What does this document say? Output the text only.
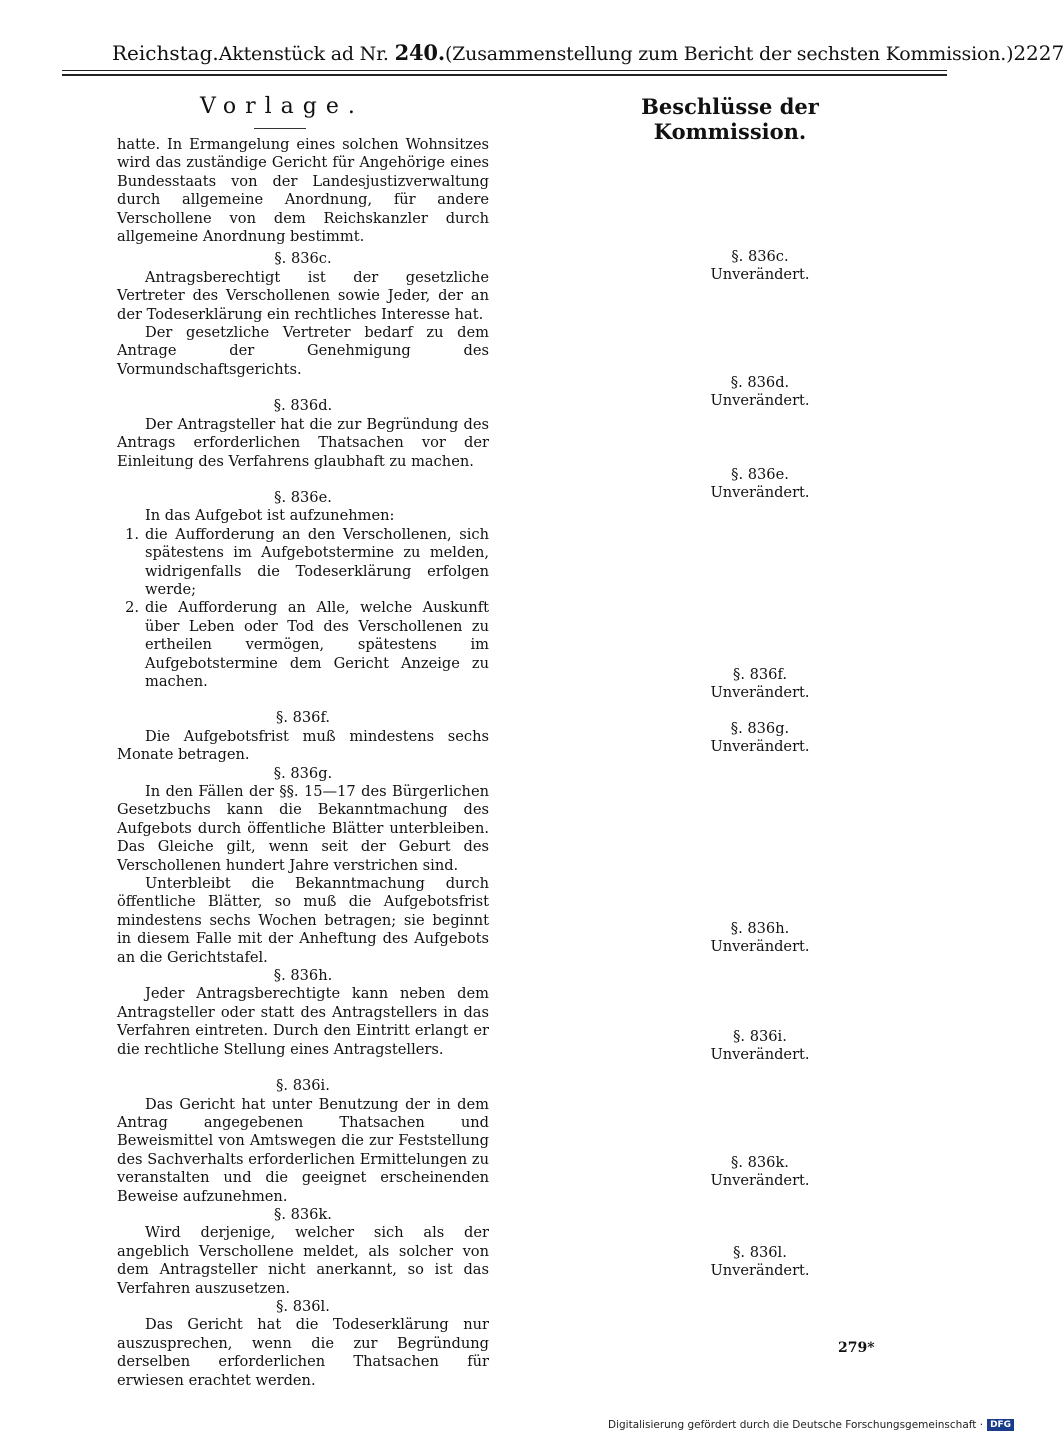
Reichstag. Aktenstück ad Nr. 240. (Zusammenstellung zum Bericht der sechsten Kommission.) 2227
Vorlage.	Beschlüsse der Kommission.

hatte. In Ermangelung eines solchen Wohnsitzes wird das zuständige Gericht für Angehörige eines Bundesstaats von der Landesjustizverwaltung durch allgemeine Anordnung, für andere Verschollene von dem Reichskanzler durch allgemeine Anordnung bestimmt.

§. 836c.

Antragsberechtigt ist der gesetzliche Vertreter des Verschollenen sowie Jeder, der an der Todeserklärung ein rechtliches Interesse hat.

Der gesetzliche Vertreter bedarf zu dem Antrage der Genehmigung des Vormundschaftsgerichts.

§. 836d.

Der Antragsteller hat die zur Begründung des Antrags erforderlichen Thatsachen vor der Einleitung des Verfahrens glaubhaft zu machen.

§. 836e.

In das Aufgebot ist aufzunehmen:

1. die Aufforderung an den Verschollenen, sich spätestens im Aufgebotstermine zu melden, widrigenfalls die Todeserklärung erfolgen werde;
2. die Aufforderung an Alle, welche Auskunft über Leben oder Tod des Verschollenen zu ertheilen vermögen, spätestens im Aufgebotstermine dem Gericht Anzeige zu machen.

§. 836f.

Die Aufgebotsfrist muß mindestens sechs Monate betragen.

§. 836g.

In den Fällen der §§. 15—17 des Bürgerlichen Gesetzbuchs kann die Bekanntmachung des Aufgebots durch öffentliche Blätter unterbleiben. Das Gleiche gilt, wenn seit der Geburt des Verschollenen hundert Jahre verstrichen sind.

Unterbleibt die Bekanntmachung durch öffentliche Blätter, so muß die Aufgebotsfrist mindestens sechs Wochen betragen; sie beginnt in diesem Falle mit der Anheftung des Aufgebots an die Gerichtstafel.

§. 836h.

Jeder Antragsberechtigte kann neben dem Antragsteller oder statt des Antragstellers in das Verfahren eintreten. Durch den Eintritt erlangt er die rechtliche Stellung eines Antragstellers.

§. 836i.

Das Gericht hat unter Benutzung der in dem Antrag angegebenen Thatsachen und Beweismittel von Amtswegen die zur Feststellung des Sachverhalts erforderlichen Ermittelungen zu veranstalten und die geeignet erscheinenden Beweise aufzunehmen.

§. 836k.

Wird derjenige, welcher sich als der angeblich Verschollene meldet, als solcher von dem Antragsteller nicht anerkannt, so ist das Verfahren auszusetzen.

§. 836l.

Das Gericht hat die Todeserklärung nur auszusprechen, wenn die zur Begründung derselben erforderlichen Thatsachen für erwiesen erachtet werden.

§. 836c.
Unverändert.
§. 836d.
Unverändert.
§. 836e.
Unverändert.
§. 836f.
Unverändert.
§. 836g.
Unverändert.
§. 836h.
Unverändert.
§. 836i.
Unverändert.
§. 836k.
Unverändert.
§. 836l.
Unverändert.
279*
Digitalisierung gefördert durch die Deutsche Forschungsgemeinschaft · DFG
